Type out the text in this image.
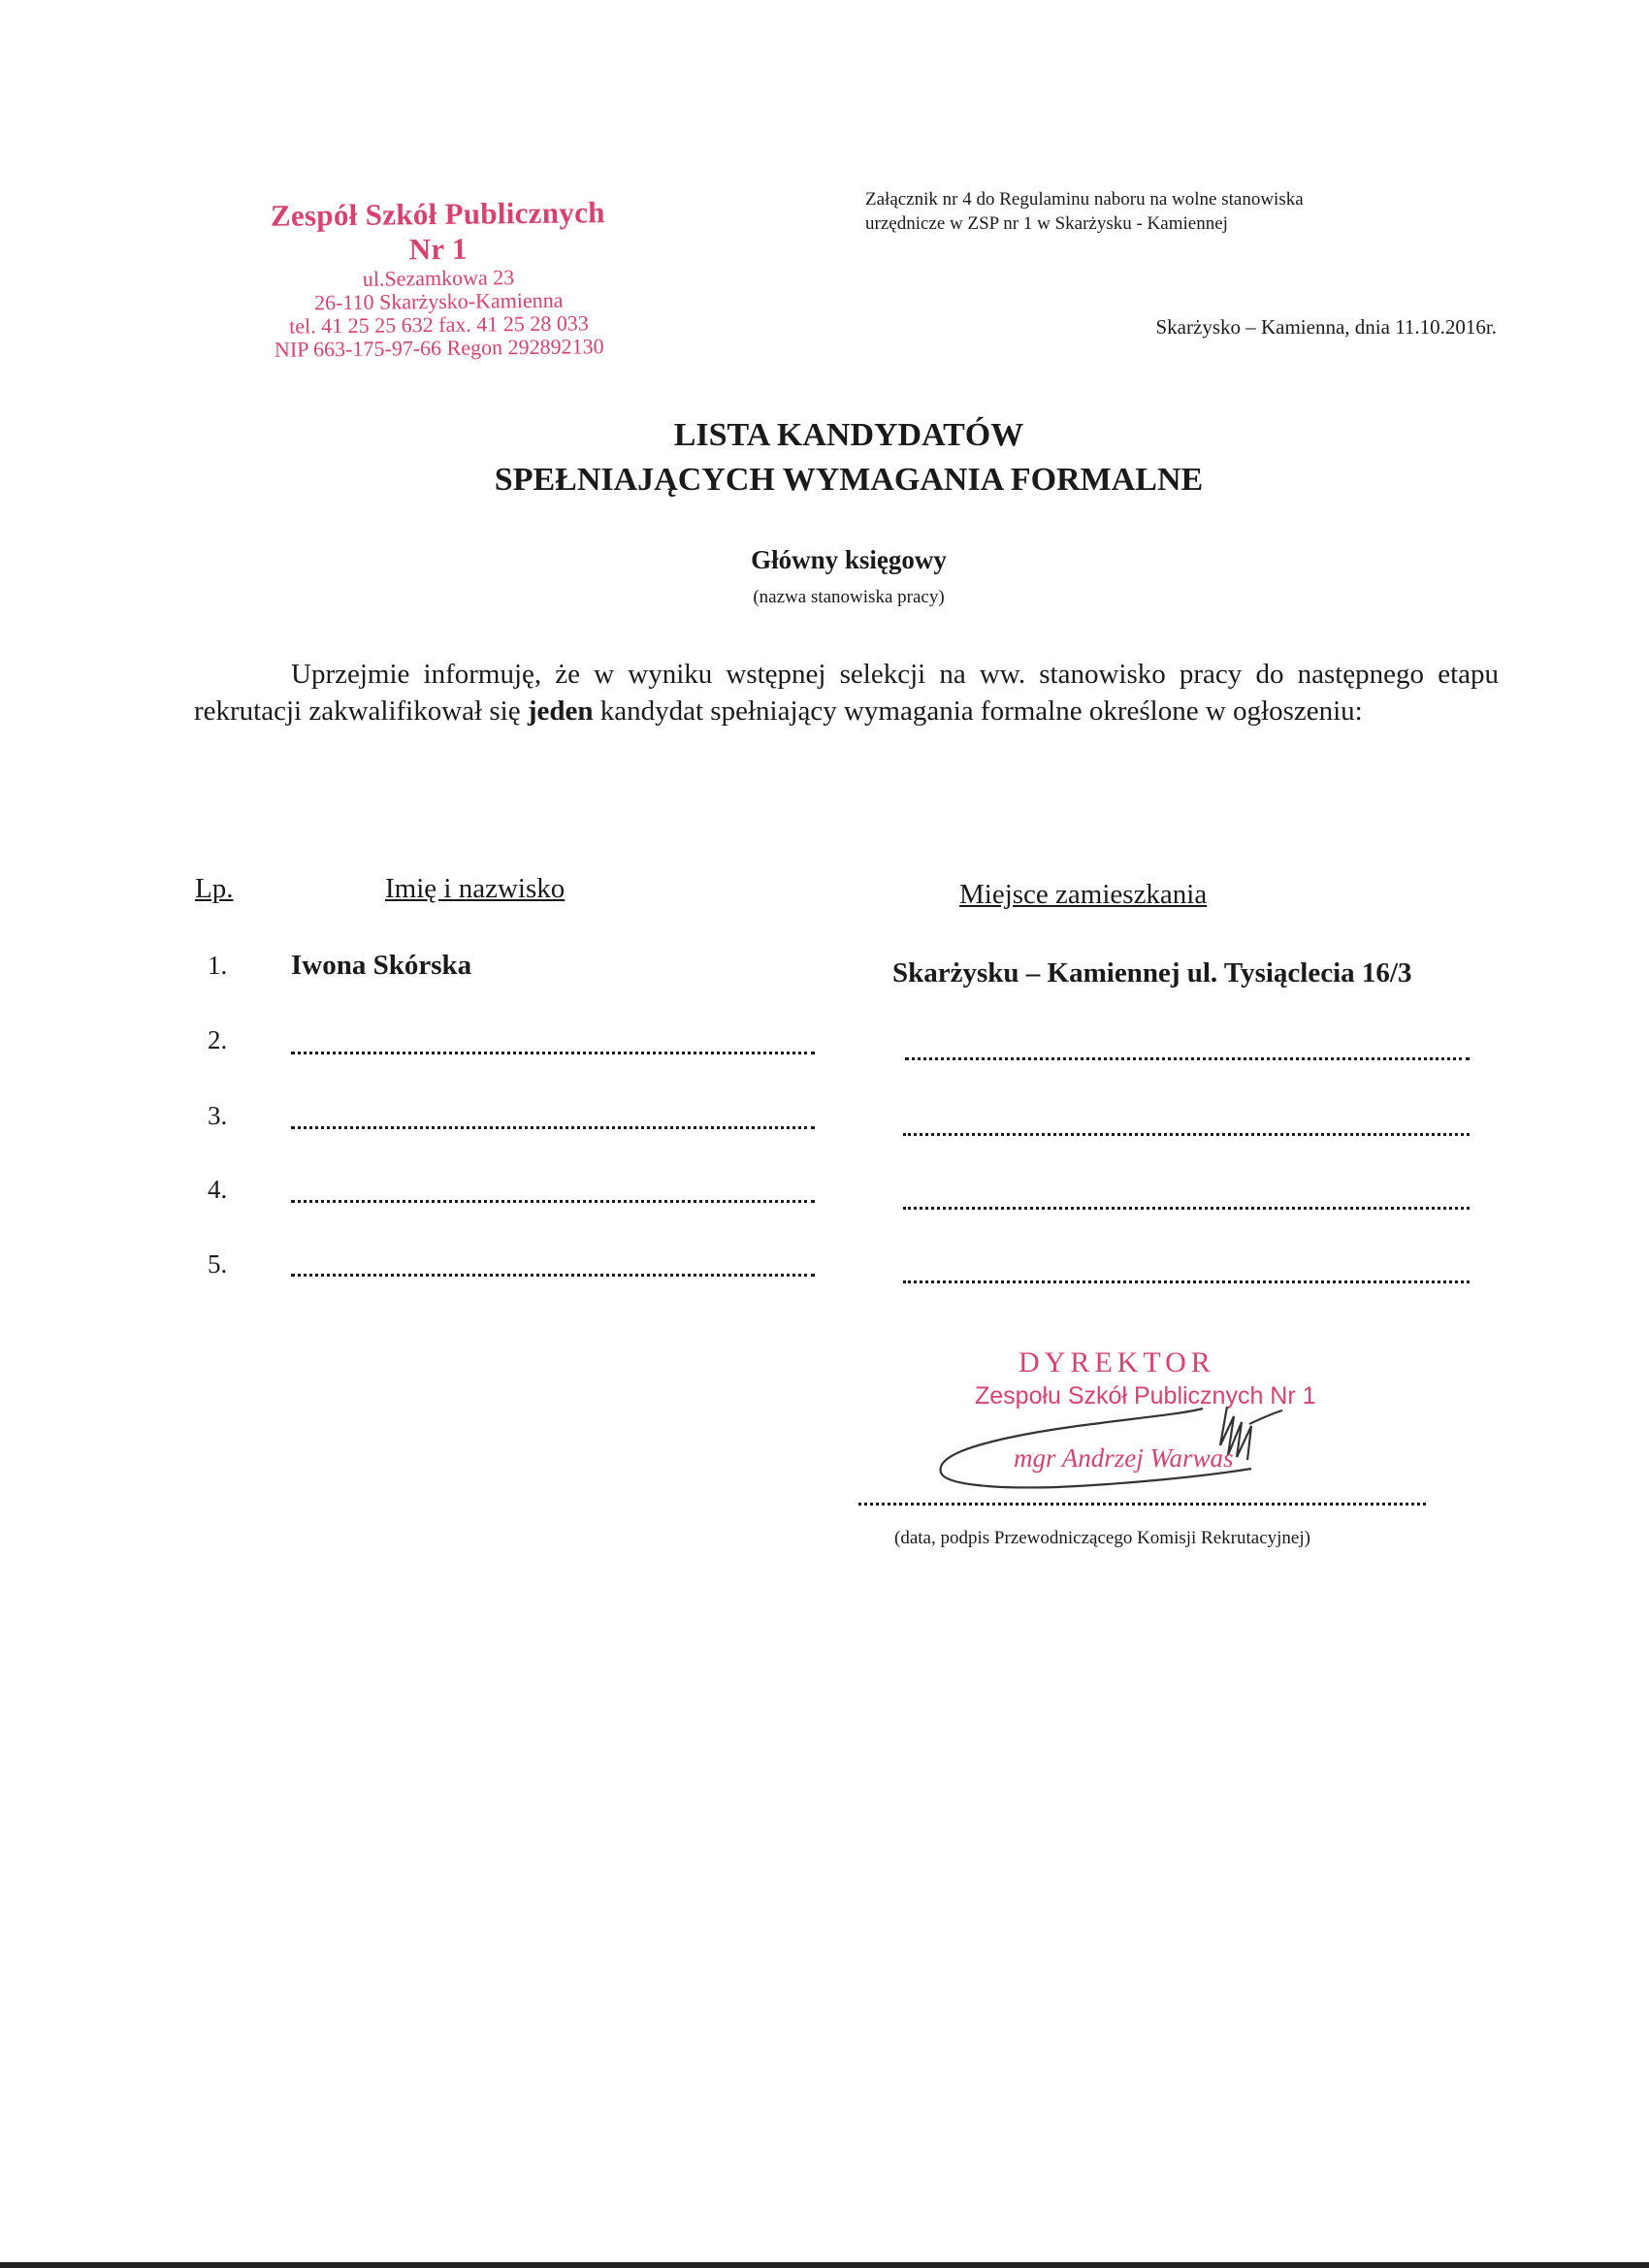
Zespół Szkół Publicznych Nr 1
ul.Sezamkowa 23
26-110 Skarżysko-Kamienna
tel. 41 25 25 632 fax. 41 25 28 033
NIP 663-175-97-66 Regon 292892130
Załącznik nr 4 do Regulaminu naboru na wolne stanowiska
urzędnicze w ZSP nr 1 w Skarżysku - Kamiennej
Skarżysko – Kamienna, dnia 11.10.2016r.
LISTA KANDYDATÓW
SPEŁNIAJĄCYCH WYMAGANIA FORMALNE
Główny księgowy
(nazwa stanowiska pracy)
Uprzejmie informuję, że w wyniku wstępnej selekcji na ww. stanowisko pracy do następnego etapu rekrutacji zakwalifikował się jeden kandydat spełniający wymagania formalne określone w ogłoszeniu:
Lp.	Imię i nazwisko	Miejsce zamieszkania
1. Iwona Skórska	Skarżysku – Kamiennej ul. Tysiąclecia 16/3
2.
3.
4.
5.
DYREKTOR
Zespołu Szkół Publicznych Nr 1
mgr Andrzej Warwas
(data, podpis Przewodniczącego Komisji Rekrutacyjnej)
